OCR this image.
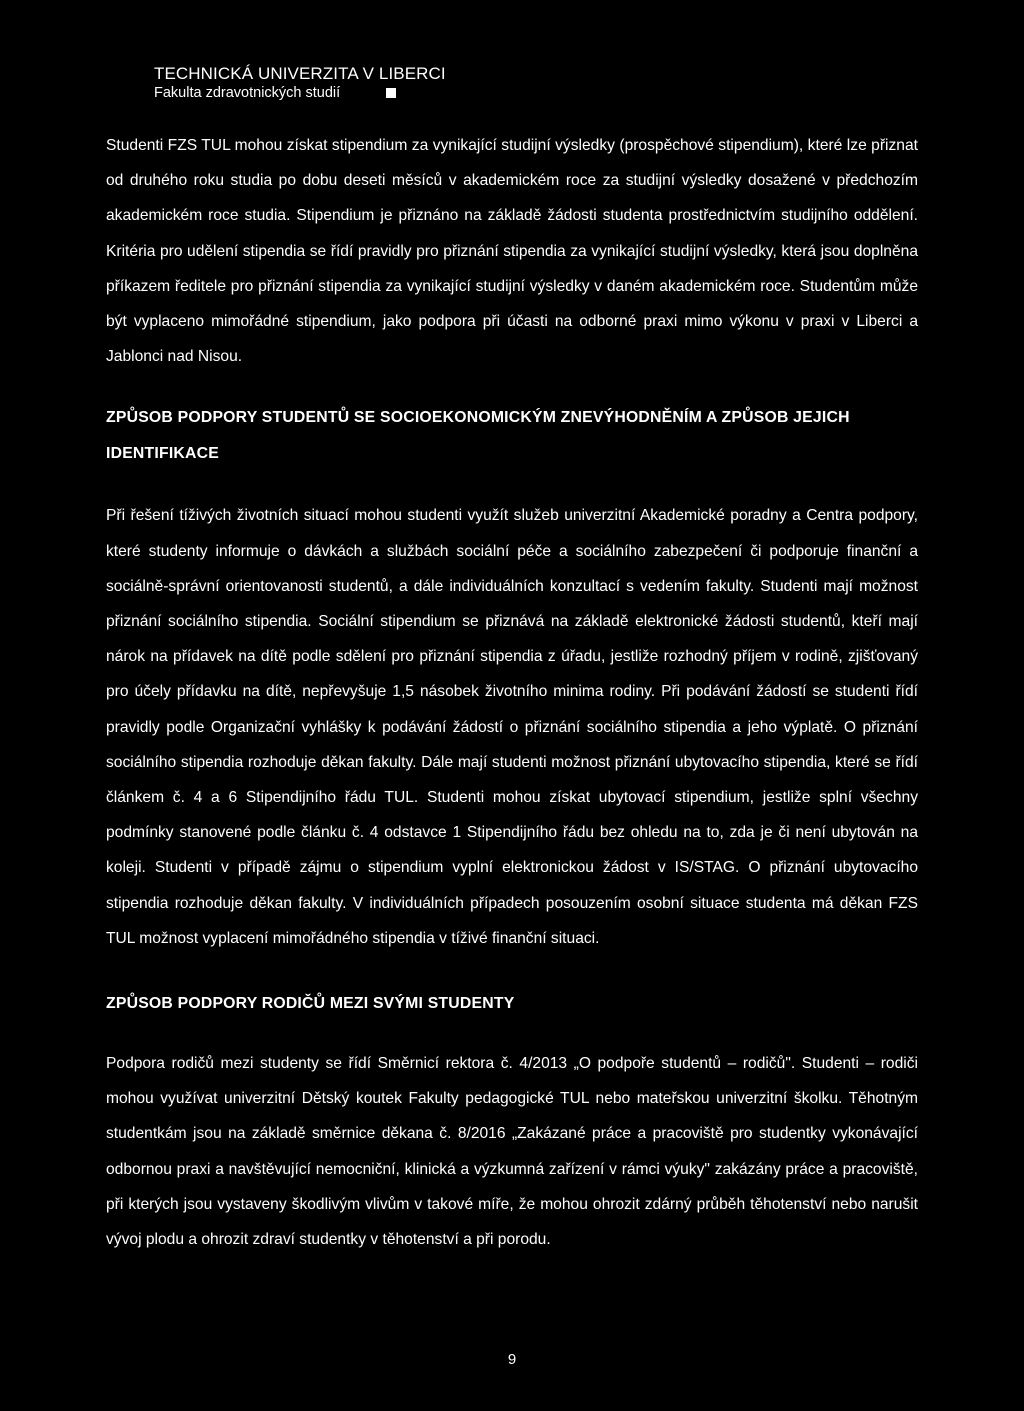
TECHNICKÁ UNIVERZITA V LIBERCI
Fakulta zdravotnických studií

Studenti FZS TUL mohou získat stipendium za vynikající studijní výsledky (prospěchové stipendium), které lze přiznat od druhého roku studia po dobu deseti měsíců v akademickém roce za studijní výsledky dosažené v předchozím akademickém roce studia. Stipendium je přiznáno na základě žádosti studenta prostřednictvím studijního oddělení. Kritéria pro udělení stipendia se řídí pravidly pro přiznání stipendia za vynikající studijní výsledky, která jsou doplněna příkazem ředitele pro přiznání stipendia za vynikající studijní výsledky v daném akademickém roce. Studentům může být vyplaceno mimořádné stipendium, jako podpora při účasti na odborné praxi mimo výkonu v praxi v Liberci a Jablonci nad Nisou.

ZPŮSOB PODPORY STUDENTŮ SE SOCIOEKONOMICKÝM ZNEVÝHODNĚNÍM A ZPŮSOB JEJICH IDENTIFIKACE

Při řešení tíživých životních situací mohou studenti využít služeb univerzitní Akademické poradny a Centra podpory, které studenty informuje o dávkách a službách sociální péče a sociálního zabezpečení či podporuje finanční a sociálně-správní orientovanosti studentů, a dále individuálních konzultací s vedením fakulty. Studenti mají možnost přiznání sociálního stipendia. Sociální stipendium se přiznává na základě elektronické žádosti studentů, kteří mají nárok na přídavek na dítě podle sdělení pro přiznání stipendia z úřadu, jestliže rozhodný příjem v rodině, zjišťovaný pro účely přídavku na dítě, nepřevyšuje 1,5 násobek životního minima rodiny. Při podávání žádostí se studenti řídí pravidly podle Organizační vyhlášky k podávání žádostí o přiznání sociálního stipendia a jeho výplatě. O přiznání sociálního stipendia rozhoduje děkan fakulty. Dále mají studenti možnost přiznání ubytovacího stipendia, které se řídí článkem č. 4 a 6 Stipendijního řádu TUL. Studenti mohou získat ubytovací stipendium, jestliže splní všechny podmínky stanovené podle článku č. 4 odstavce 1 Stipendijního řádu bez ohledu na to, zda je či není ubytován na koleji. Studenti v případě zájmu o stipendium vyplní elektronickou žádost v IS/STAG. O přiznání ubytovacího stipendia rozhoduje děkan fakulty. V individuálních případech posouzením osobní situace studenta má děkan FZS TUL možnost vyplacení mimořádného stipendia v tíživé finanční situaci.

ZPŮSOB PODPORY RODIČŮ MEZI SVÝMI STUDENTY

Podpora rodičů mezi studenty se řídí Směrnicí rektora č. 4/2013 „O podpoře studentů – rodičů". Studenti – rodiči mohou využívat univerzitní Dětský koutek Fakulty pedagogické TUL nebo mateřskou univerzitní školku. Těhotným studentkám jsou na základě směrnice děkana č. 8/2016 „Zakázané práce a pracoviště pro studentky vykonávající odbornou praxi a navštěvující nemocniční, klinická a výzkumná zařízení v rámci výuky" zakázány práce a pracoviště, při kterých jsou vystaveny škodlivým vlivům v takové míře, že mohou ohrozit zdárný průběh těhotenství nebo narušit vývoj plodu a ohrozit zdraví studentky v těhotenství a při porodu.

9
